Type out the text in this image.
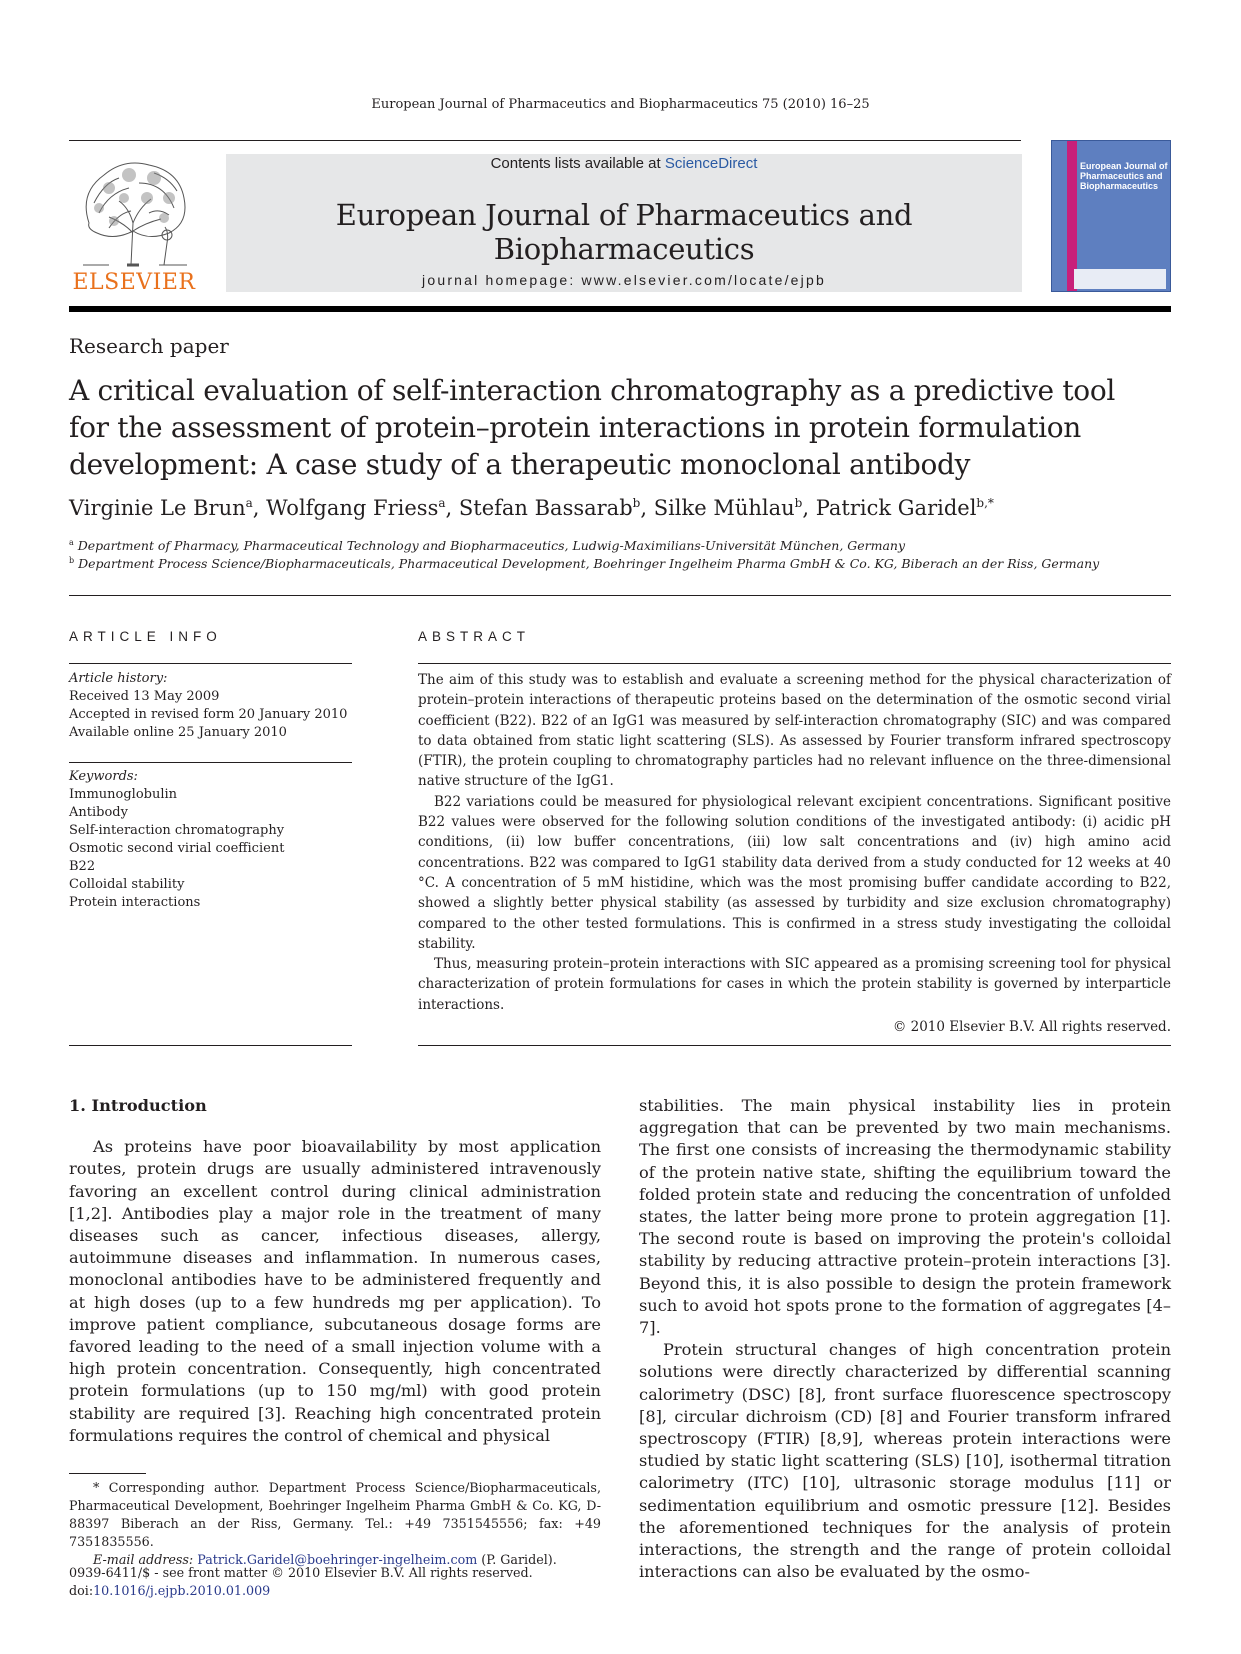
European Journal of Pharmaceutics and Biopharmaceutics 75 (2010) 16–25
ELSEVIER
Contents lists available at ScienceDirect
European Journal of Pharmaceutics and Biopharmaceutics
journal homepage: www.elsevier.com/locate/ejpb
European Journal of Pharmaceutics and Biopharmaceutics
Research paper
A critical evaluation of self-interaction chromatography as a predictive tool
for the assessment of protein–protein interactions in protein formulation
development: A case study of a therapeutic monoclonal antibody
Virginie Le Brun$^a$, Wolfgang Friess$^a$, Stefan Bassarab$^b$, Silke Mühlau$^b$, Patrick Garidel$^{b,*}$
$^a$ Department of Pharmacy, Pharmaceutical Technology and Biopharmaceutics, Ludwig-Maximilians-Universität München, Germany
$^b$ Department Process Science/Biopharmaceuticals, Pharmaceutical Development, Boehringer Ingelheim Pharma GmbH & Co. KG, Biberach an der Riss, Germany
ARTICLE INFO	ABSTRACT
Article history:
Received 13 May 2009
Accepted in revised form 20 January 2010
Available online 25 January 2010
Keywords:
Immunoglobulin
Antibody
Self-interaction chromatography
Osmotic second virial coefficient
B22
Colloidal stability
Protein interactions

The aim of this study was to establish and evaluate a screening method for the physical characterization of protein–protein interactions of therapeutic proteins based on the determination of the osmotic second virial coefficient (B22). B22 of an IgG1 was measured by self-interaction chromatography (SIC) and was compared to data obtained from static light scattering (SLS). As assessed by Fourier transform infrared spectroscopy (FTIR), the protein coupling to chromatography particles had no relevant influence on the three-dimensional native structure of the IgG1.

B22 variations could be measured for physiological relevant excipient concentrations. Significant positive B22 values were observed for the following solution conditions of the investigated antibody: (i) acidic pH conditions, (ii) low buffer concentrations, (iii) low salt concentrations and (iv) high amino acid concentrations. B22 was compared to IgG1 stability data derived from a study conducted for 12 weeks at 40 °C. A concentration of 5 mM histidine, which was the most promising buffer candidate according to B22, showed a slightly better physical stability (as assessed by turbidity and size exclusion chromatography) compared to the other tested formulations. This is confirmed in a stress study investigating the colloidal stability.

Thus, measuring protein–protein interactions with SIC appeared as a promising screening tool for physical characterization of protein formulations for cases in which the protein stability is governed by interparticle interactions.

© 2010 Elsevier B.V. All rights reserved.
1. Introduction

As proteins have poor bioavailability by most application routes, protein drugs are usually administered intravenously favoring an excellent control during clinical administration [1,2]. Antibodies play a major role in the treatment of many diseases such as cancer, infectious diseases, allergy, autoimmune diseases and inflammation. In numerous cases, monoclonal antibodies have to be administered frequently and at high doses (up to a few hundreds mg per application). To improve patient compliance, subcutaneous dosage forms are favored leading to the need of a small injection volume with a high protein concentration. Consequently, high concentrated protein formulations (up to 150 mg/ml) with good protein stability are required [3]. Reaching high concentrated protein formulations requires the control of chemical and physical

stabilities. The main physical instability lies in protein aggregation that can be prevented by two main mechanisms. The first one consists of increasing the thermodynamic stability of the protein native state, shifting the equilibrium toward the folded protein state and reducing the concentration of unfolded states, the latter being more prone to protein aggregation [1]. The second route is based on improving the protein's colloidal stability by reducing attractive protein–protein interactions [3]. Beyond this, it is also possible to design the protein framework such to avoid hot spots prone to the formation of aggregates [4–7].

Protein structural changes of high concentration protein solutions were directly characterized by differential scanning calorimetry (DSC) [8], front surface fluorescence spectroscopy [8], circular dichroism (CD) [8] and Fourier transform infrared spectroscopy (FTIR) [8,9], whereas protein interactions were studied by static light scattering (SLS) [10], isothermal titration calorimetry (ITC) [10], ultrasonic storage modulus [11] or sedimentation equilibrium and osmotic pressure [12]. Besides the aforementioned techniques for the analysis of protein interactions, the strength and the range of protein colloidal interactions can also be evaluated by the osmo-

* Corresponding author. Department Process Science/Biopharmaceuticals, Pharmaceutical Development, Boehringer Ingelheim Pharma GmbH & Co. KG, D-88397 Biberach an der Riss, Germany. Tel.: +49 7351545556; fax: +49 7351835556.
E-mail address: Patrick.Garidel@boehringer-ingelheim.com (P. Garidel).
0939-6411/$ - see front matter © 2010 Elsevier B.V. All rights reserved.
doi:10.1016/j.ejpb.2010.01.009
